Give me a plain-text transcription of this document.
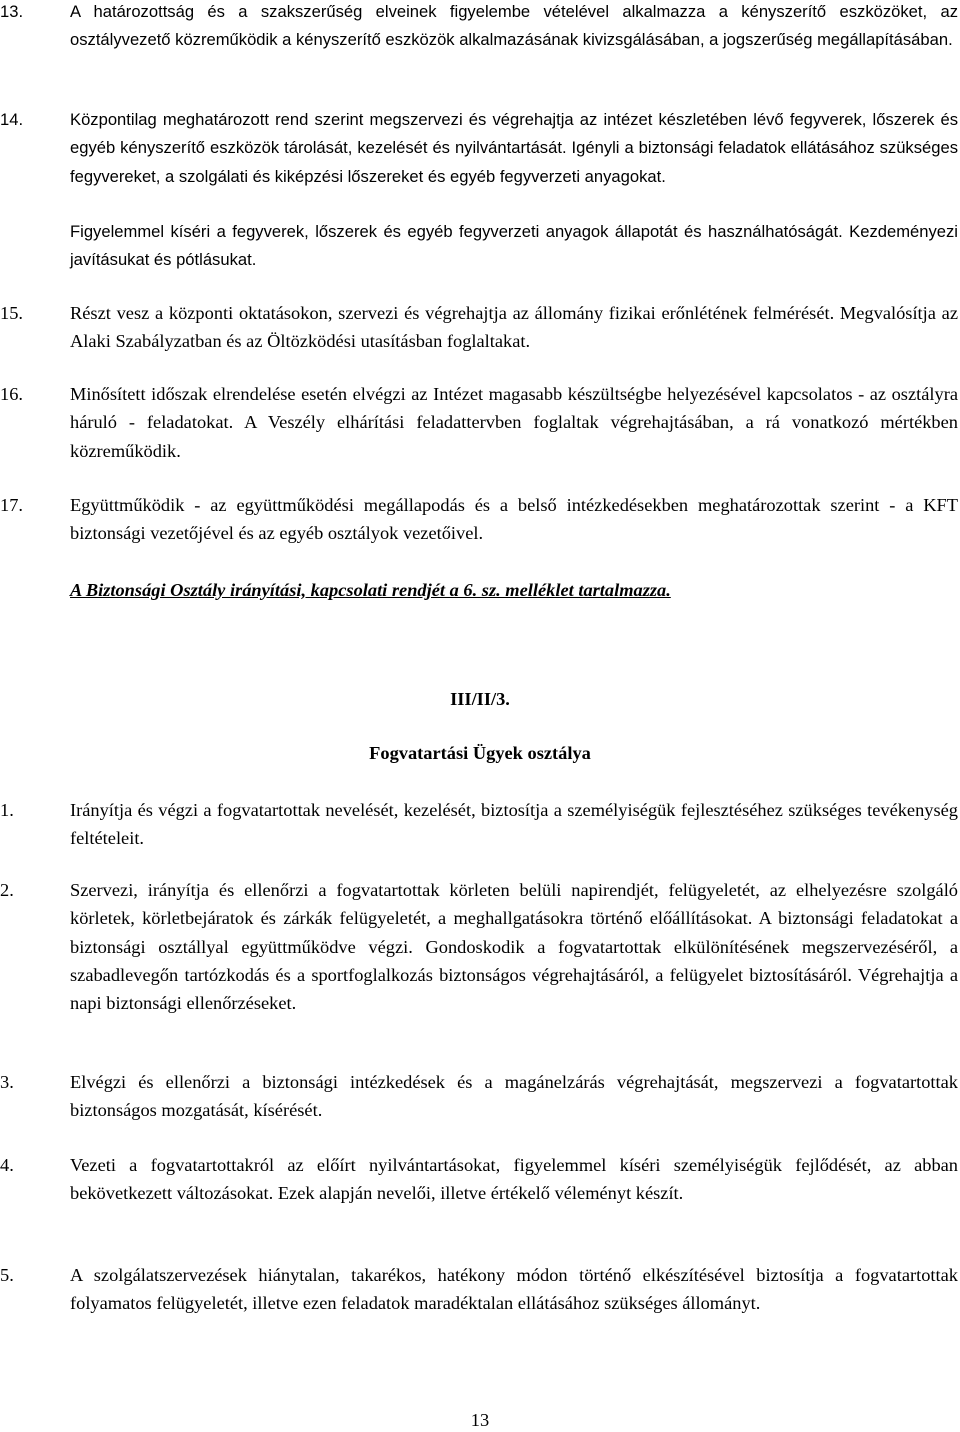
13.	A határozottság és a szakszerűség elveinek figyelembe vételével alkalmazza a kényszerítő eszközöket, az osztályvezető közreműködik a kényszerítő eszközök alkalmazásának kivizsgálásában, a jogszerűség megállapításában.

14.	Központilag meghatározott rend szerint megszervezi és végrehajtja az intézet készletében lévő fegyverek, lőszerek és egyéb kényszerítő eszközök tárolását, kezelését és nyilvántartását. Igényli a biztonsági feladatok ellátásához szükséges fegyvereket, a szolgálati és kiképzési lőszereket és egyéb fegyverzeti anyagokat.

Figyelemmel kíséri a fegyverek, lőszerek és egyéb fegyverzeti anyagok állapotát és használhatóságát. Kezdeményezi javításukat és pótlásukat.

15.	Részt vesz a központi oktatásokon, szervezi és végrehajtja az állomány fizikai erőnlétének felmérését. Megvalósítja az Alaki Szabályzatban és az Öltözködési utasításban foglaltakat.

16.	Minősített időszak elrendelése esetén elvégzi az Intézet magasabb készültségbe helyezésével kapcsolatos - az osztályra háruló - feladatokat. A Veszély elhárítási feladattervben foglaltak végrehajtásában, a rá vonatkozó mértékben közreműködik.

17.	Együttműködik - az együttműködési megállapodás és a belső intézkedésekben meghatározottak szerint - a KFT biztonsági vezetőjével és az egyéb osztályok vezetőivel.

A Biztonsági Osztály irányítási, kapcsolati rendjét a 6. sz. melléklet tartalmazza.
III/II/3.
Fogvatartási Ügyek osztálya
1.	Irányítja és végzi a fogvatartottak nevelését, kezelését, biztosítja a személyiségük fejlesztéséhez szükséges tevékenység feltételeit.

2.	Szervezi, irányítja és ellenőrzi a fogvatartottak körleten belüli napirendjét, felügyeletét, az elhelyezésre szolgáló körletek, körletbejáratok és zárkák felügyeletét, a meghallgatásokra történő előállításokat. A biztonsági feladatokat a biztonsági osztállyal együttműködve végzi. Gondoskodik a fogvatartottak elkülönítésének megszervezéséről, a szabadlevegőn tartózkodás és a sportfoglalkozás biztonságos végrehajtásáról, a felügyelet biztosításáról. Végrehajtja a napi biztonsági ellenőrzéseket.

3.	Elvégzi és ellenőrzi a biztonsági intézkedések és a magánelzárás végrehajtását, megszervezi a fogvatartottak biztonságos mozgatását, kísérését.

4.	Vezeti a fogvatartottakról az előírt nyilvántartásokat, figyelemmel kíséri személyiségük fejlődését, az abban bekövetkezett változásokat. Ezek alapján nevelői, illetve értékelő véleményt készít.

5.	A szolgálatszervezések hiánytalan, takarékos, hatékony módon történő elkészítésével biztosítja a fogvatartottak folyamatos felügyeletét, illetve ezen feladatok maradéktalan ellátásához szükséges állományt.

13
